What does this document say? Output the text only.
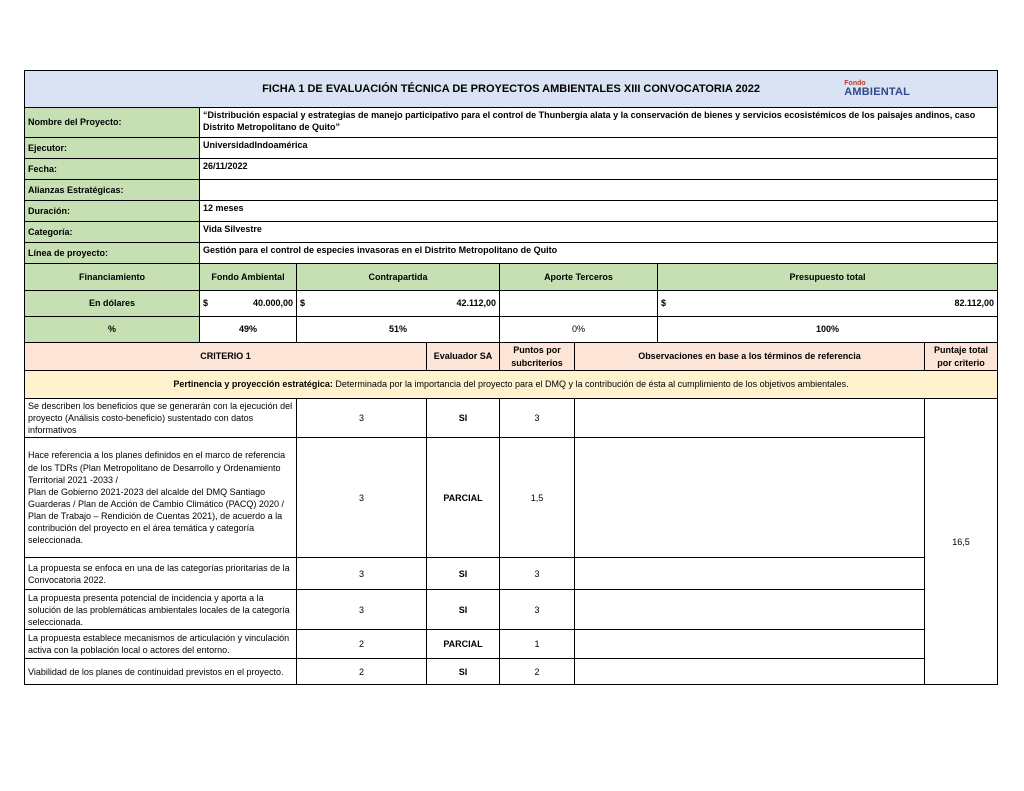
FICHA 1 DE EVALUACIÓN TÉCNICA DE PROYECTOS AMBIENTALES XIII CONVOCATORIA 2022 Fondo
AMBIENTAL							

Nombre del Proyecto:	“Distribución espacial y estrategias de manejo participativo para el control de Thunbergia alata y la conservación de bienes y servicios ecosistémicos de los paisajes andinos, caso Distrito Metropolitano de Quito”						
Ejecutor:	UniversidadIndoamérica						
Fecha:	26/11/2022						
Alianzas Estratégicas:							
Duración:	12 meses						
Categoría:	Vida Silvestre						
Línea de proyecto:	Gestión para el control de especies invasoras en el Distrito Metropolitano de Quito						
Financiamiento	Fondo Ambiental	Contrapartida		Aporte Terceros		Presupuesto total	
En dólares	$ 40.000,00	$ 42.112,00				$ 82.112,00	

%	49%	51%		0%		100%	
CRITERIO 1			Evaluador SA	Puntos por subcriterios	Observaciones en base a los términos de referencia		Puntaje total por criterio
Pertinencia y proyección estratégica: Determinada por la importancia del proyecto para el DMQ y la contribución de ésta al cumplimiento de los objetivos ambientales.							
Se describen los beneficios que se generarán con la ejecución del proyecto (Análisis costo-beneficio) sustentado con datos informativos		3	SI	3			16,5
Hace referencia a los planes definidos en el marco de referencia de los TDRs (Plan Metropolitano de Desarrollo y Ordenamiento Territorial 2021 -2033 /
Plan de Gobierno 2021-2023 del alcalde del DMQ Santiago Guarderas / Plan de Acción de Cambio Climático (PACQ) 2020 / Plan de Trabajo – Rendición de Cuentas 2021), de acuerdo a la contribución del proyecto en el área temática y categoría seleccionada.		3	PARCIAL	1,5			
La propuesta se enfoca en una de las categorías prioritarias de la Convocatoria 2022.		3	SI	3			
La propuesta presenta potencial de incidencia y aporta a la solución de las problemáticas ambientales locales de la categoría seleccionada.		3	SI	3			
La propuesta establece mecanismos de articulación y vinculación activa con la población local o actores del entorno.		2	PARCIAL	1			
Viabilidad de los planes de continuidad previstos en el proyecto.		2	SI	2			
